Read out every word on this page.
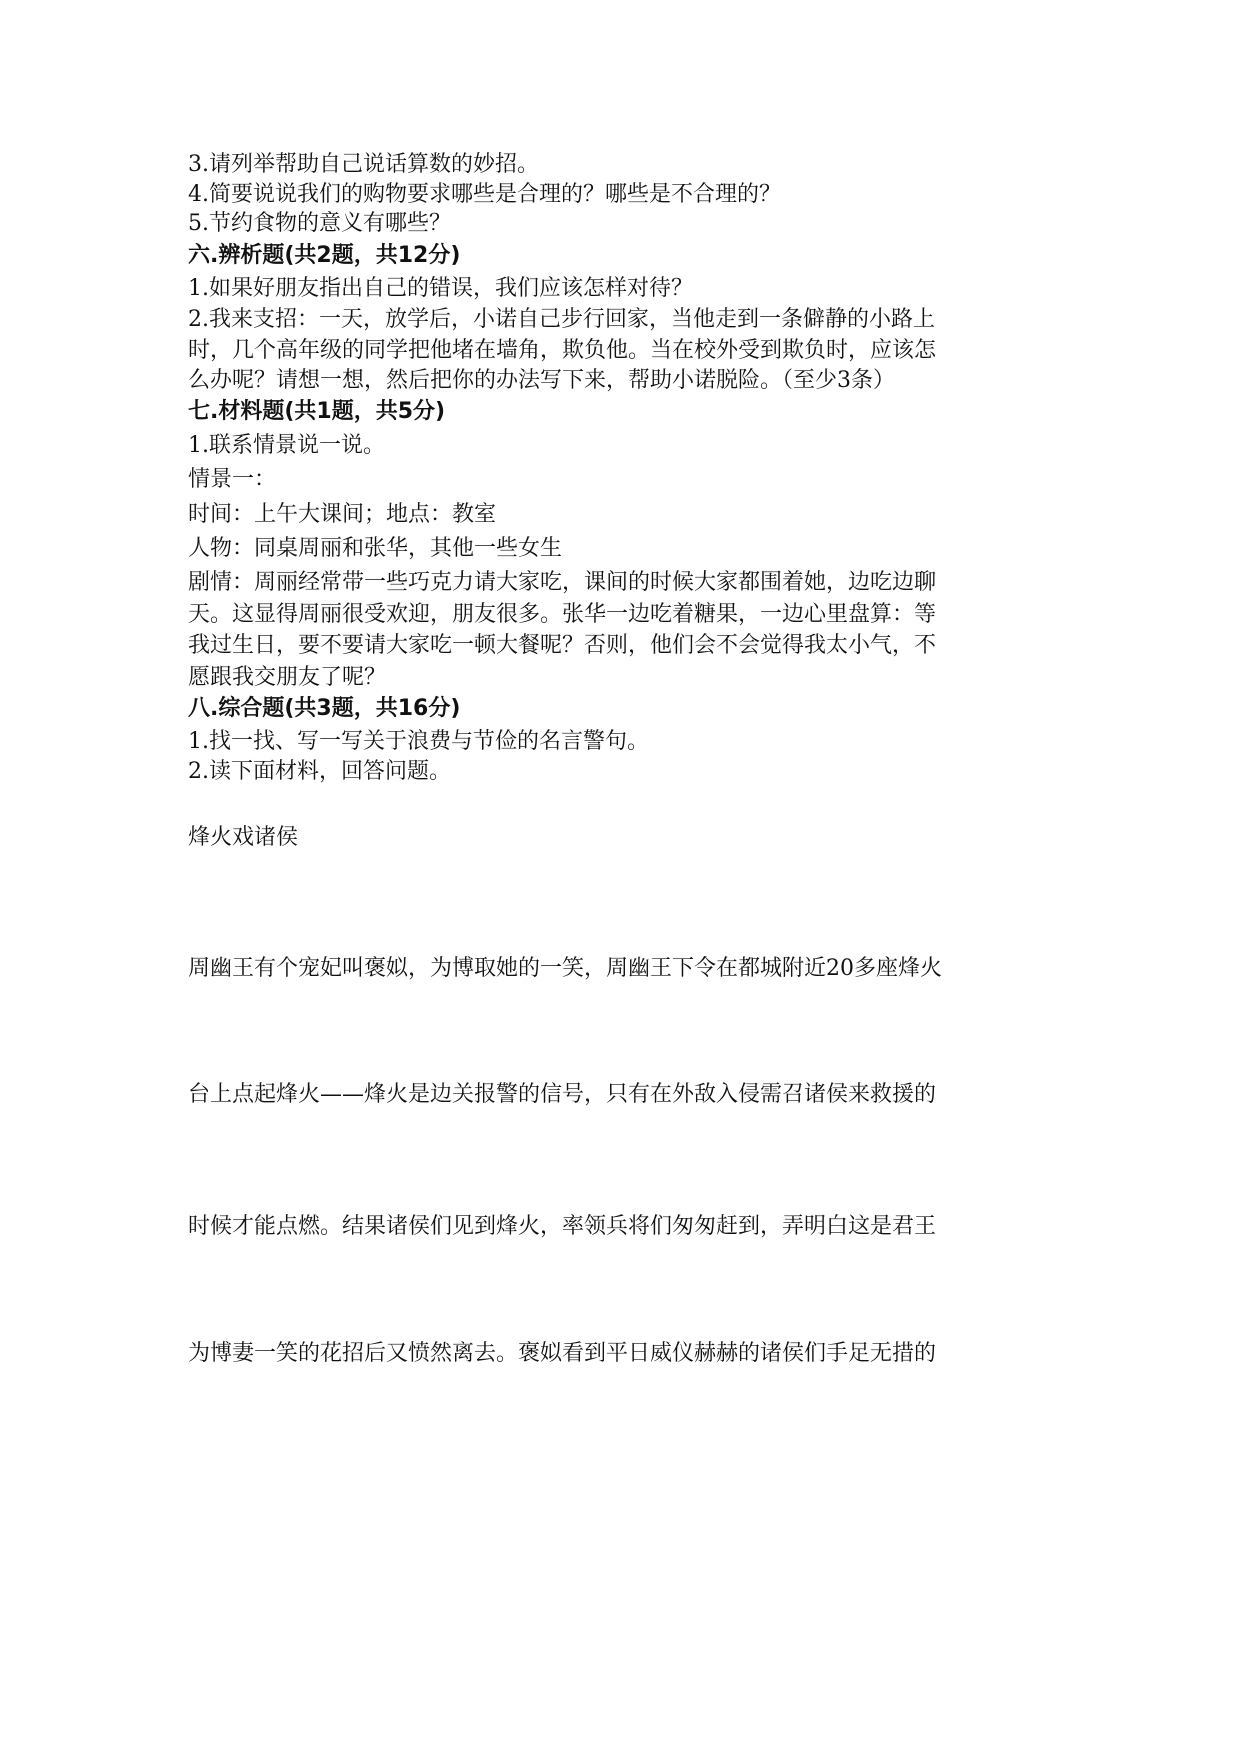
3.请列举帮助自己说话算数的妙招。
4.简要说说我们的购物要求哪些是合理的？哪些是不合理的？
5.节约食物的意义有哪些？
六.辨析题(共2题，共12分)
1.如果好朋友指出自己的错误，我们应该怎样对待？
2.我来支招：一天，放学后，小诺自己步行回家，当他走到一条僻静的小路上
时，几个高年级的同学把他堵在墙角，欺负他。当在校外受到欺负时，应该怎
么办呢？请想一想，然后把你的办法写下来，帮助小诺脱险。（至少3条）
七.材料题(共1题，共5分)
1.联系情景说一说。
情景一：
时间：上午大课间；地点：教室
人物：同桌周丽和张华，其他一些女生
剧情：周丽经常带一些巧克力请大家吃，课间的时候大家都围着她，边吃边聊
天。这显得周丽很受欢迎，朋友很多。张华一边吃着糖果，一边心里盘算：等
我过生日，要不要请大家吃一顿大餐呢？否则，他们会不会觉得我太小气，不
愿跟我交朋友了呢？
八.综合题(共3题，共16分)
1.找一找、写一写关于浪费与节俭的名言警句。
2.读下面材料，回答问题。
烽火戏诸侯
周幽王有个宠妃叫褒姒，为博取她的一笑，周幽王下令在都城附近20多座烽火
台上点起烽火——烽火是边关报警的信号，只有在外敌入侵需召诸侯来救援的
时候才能点燃。结果诸侯们见到烽火，率领兵将们匆匆赶到，弄明白这是君王
为博妻一笑的花招后又愤然离去。褒姒看到平日威仪赫赫的诸侯们手足无措的
